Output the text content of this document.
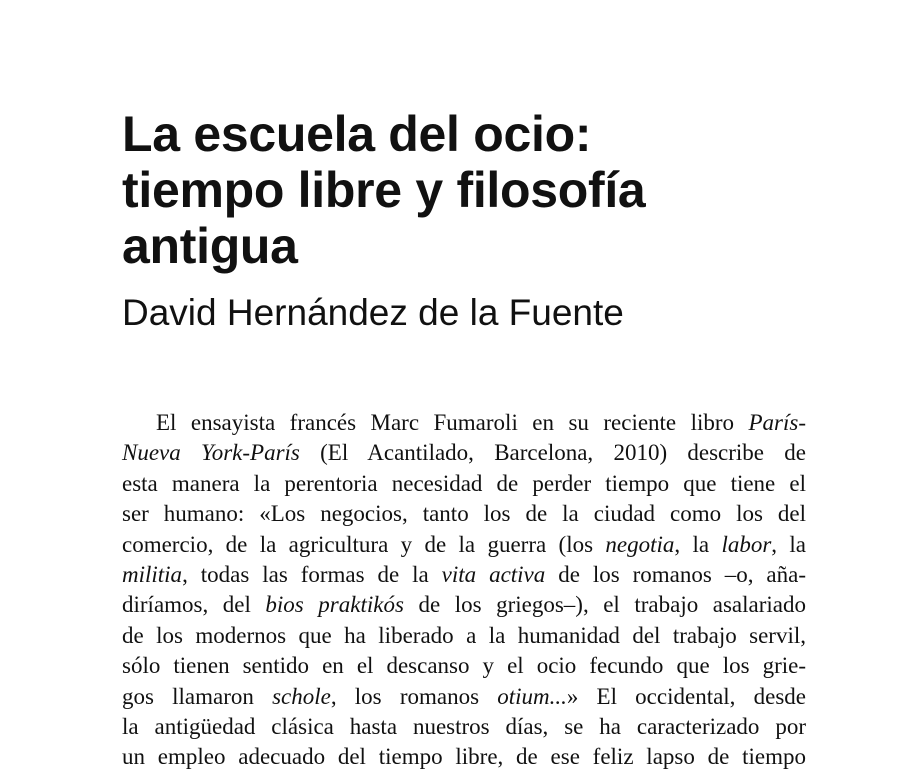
La escuela del ocio:
tiempo libre y filosofía
antigua
David Hernández de la Fuente
El ensayista francés Marc Fumaroli en su reciente libro París-
Nueva York-París (El Acantilado, Barcelona, 2010) describe de
esta manera la perentoria necesidad de perder tiempo que tiene el
ser humano: «Los negocios, tanto los de la ciudad como los del
comercio, de la agricultura y de la guerra (los negotia, la labor, la
militia, todas las formas de la vita activa de los romanos –o, aña-
diríamos, del bios praktikós de los griegos–), el trabajo asalariado
de los modernos que ha liberado a la humanidad del trabajo servil,
sólo tienen sentido en el descanso y el ocio fecundo que los grie-
gos llamaron schole, los romanos otium...» El occidental, desde
la antigüedad clásica hasta nuestros días, se ha caracterizado por
un empleo adecuado del tiempo libre, de ese feliz lapso de tiempo
